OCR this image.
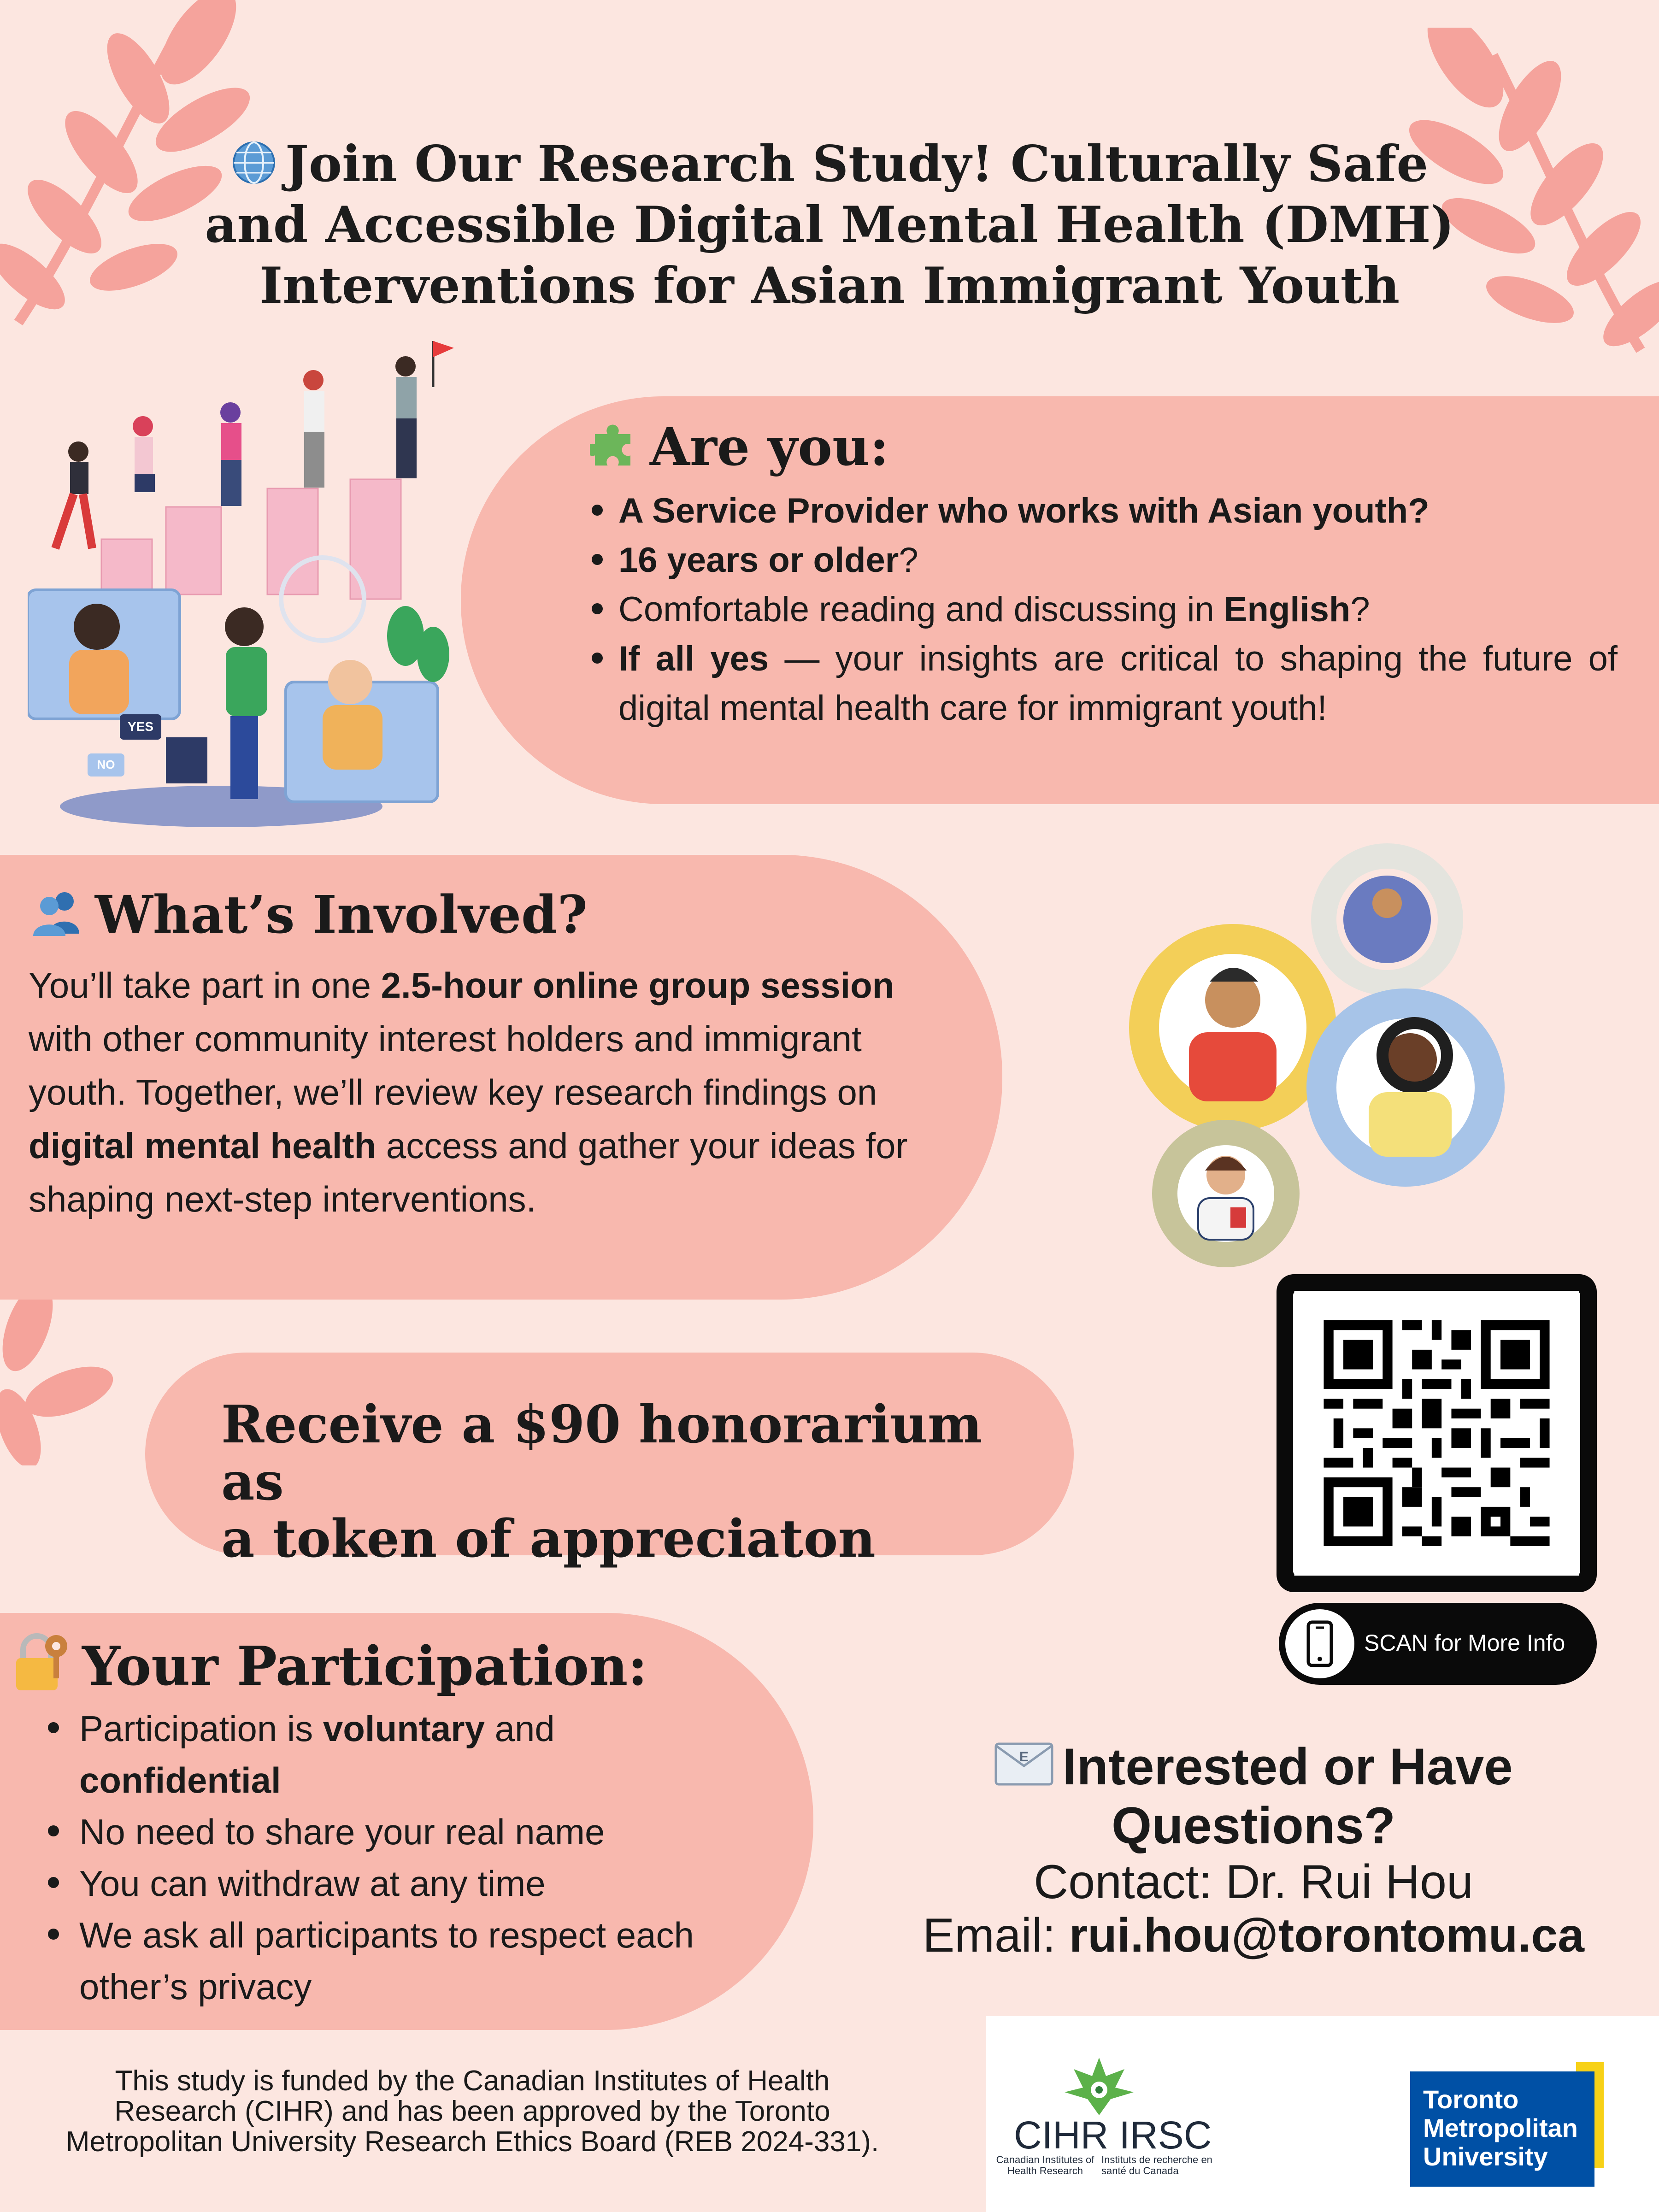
Join Our Research Study! Culturally Safe
and Accessible Digital Mental Health (DMH)
Interventions for Asian Immigrant Youth
YES
NO
Are you:
A Service Provider who works with Asian youth?
16 years or older?
Comfortable reading and discussing in English?
If all yes — your insights are critical to shaping the future of digital mental health care for immigrant youth!
What’s Involved?
You’ll take part in one 2.5-hour online group session with other community interest holders and immigrant youth. Together, we’ll review key research findings on digital mental health access and gather your ideas for shaping next-step interventions.
Receive a $90 honorarium as
a token of appreciaton
SCAN for More Info
Your Participation:
Participation is voluntary and
confidential
No need to share your real name
You can withdraw at any time
We ask all participants to respect each other’s privacy
E Interested or Have
Questions?
Contact: Dr. Rui Hou
Email: rui.hou@torontomu.ca
This study is funded by the Canadian Institutes of Health
Research (CIHR) and has been approved by the Toronto
Metropolitan University Research Ethics Board (REB 2024-331).	CIHR IRSC
Canadian Institutes of Health Research
Instituts de recherche en santé du Canada
Toronto
Metropolitan
University
